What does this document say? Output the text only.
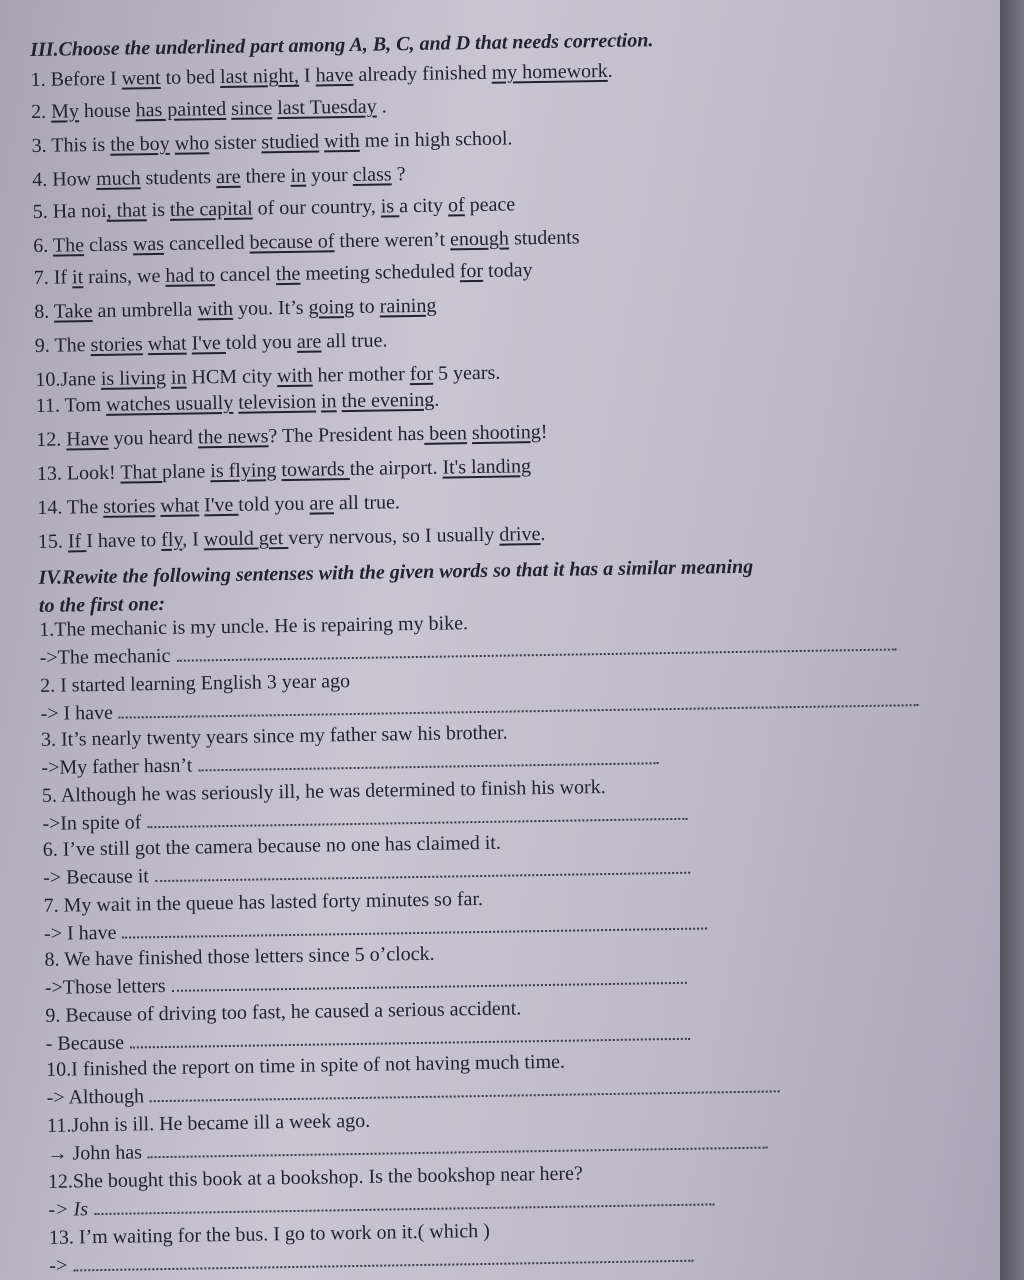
III.Choose the underlined part among A, B, C, and D that needs correction.
1. Before I went to bed last night, I have already finished my homework.
2. My house has painted since last Tuesday .
3. This is the boy who sister studied with me in high school.
4. How much students are there in your class ?
5. Ha noi, that is the capital of our country, is a city of peace
6. The class was cancelled because of there weren’t enough students
7. If it rains, we had to cancel the meeting scheduled for today
8. Take an umbrella with you. It’s going to raining
9. The stories what I've told you are all true.
10.Jane is living in HCM city with her mother for 5 years.
11. Tom watches usually television in the evening.
12. Have you heard the news? The President has been shooting!
13. Look! That plane is flying towards the airport. It's landing
14. The stories what I've told you are all true.
15. If I have to fly, I would get very nervous, so I usually drive.
IV.Rewite the following sentenses with the given words so that it has a similar meaning
to the first one:
1.The mechanic is my uncle. He is repairing my bike.
->The mechanic
2. I started learning English 3 year ago
-> I have
3. It’s nearly twenty years since my father saw his brother.
->My father hasn’t
5. Although he was seriously ill, he was determined to finish his work.
->In spite of
6. I’ve still got the camera because no one has claimed it.
-> Because it
7. My wait in the queue has lasted forty minutes so far.
-> I have
8. We have finished those letters since 5 o’clock.
->Those letters
9. Because of driving too fast, he caused a serious accident.
- Because
10.I finished the report on time in spite of not having much time.
-> Although
11.John is ill. He became ill a week ago.
→ John has
12.She bought this book at a bookshop. Is the bookshop near here?
-> Is
13. I’m waiting for the bus. I go to work on it.( which )
->
